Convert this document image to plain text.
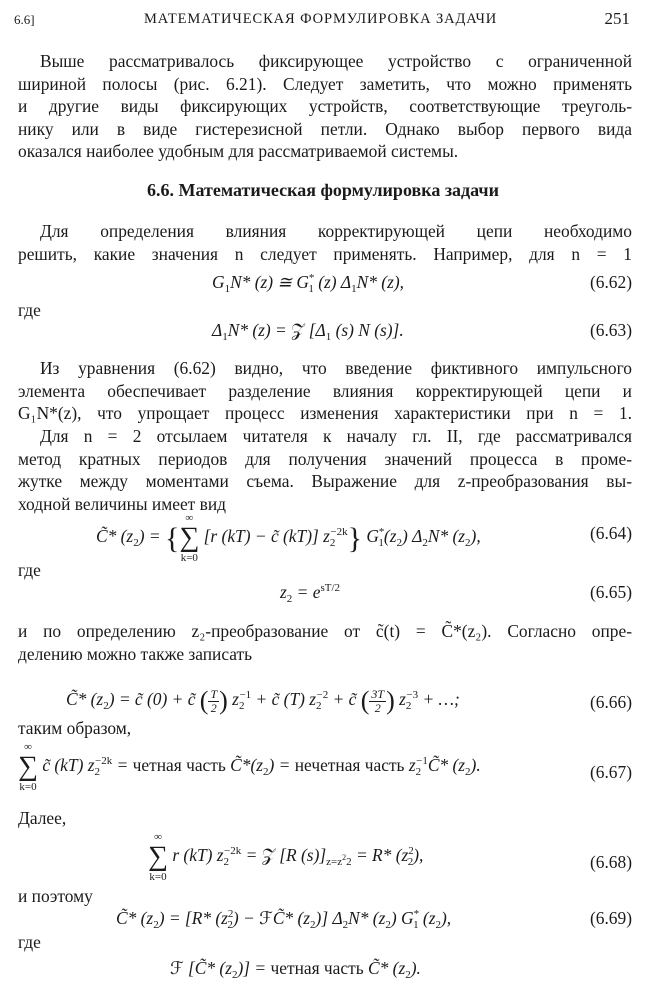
6.6]	МАТЕМАТИЧЕСКАЯ ФОРМУЛИРОВКА ЗАДАЧИ	251
Выше рассматривалось фиксирующее устройство с ограниченной
шириной полосы (рис. 6.21). Следует заметить, что можно применять
и другие виды фиксирующих устройств, соответствующие треуголь-
нику или в виде гистерезисной петли. Однако выбор первого вида
оказался наиболее удобным для рассматриваемой системы.
6.6. Математическая формулировка задачи
Для определения влияния корректирующей цепи необходимо
решить, какие значения n следует применять. Например, для n = 1
$G_1N*$ (z) ≅ $G^*_1$ (z) $\Delta_1N*$ (z),	(6.62)
где
$\Delta_1N*$ (z) = 𝒵 [$\Delta_1$ (s) N (s)].	(6.63)
Из уравнения (6.62) видно, что введение фиктивного импульсного
элемента обеспечивает разделение влияния корректирующей цепи и
G₁N*(z), что упрощает процесс изменения характеристики при n = 1.
Для n = 2 отсылаем читателя к началу гл. II, где рассматривался
метод кратных периодов для получения значений процесса в проме-
жутке между моментами съема. Выражение для z-преобразования вы-
ходной величины имеет вид
C̃* $(z_2)$ = {
∞
∑
k=0
[r (kT) − c̃ (kT)] $z_2^{-2k}$} $G^*_1(z_2)$ $\Delta_2N*$ $(z_2)$,	(6.64)
где
$z_2 = e^{sT/2}$	(6.65)
и по определению z₂-преобразование от c̃(t) = C̃*(z₂). Согласно опре-
делению можно также записать
C̃* $(z_2)$ = c̃ (0) + c̃ ( $\frac{T}{2}$ ) $z_2^{-1}$ + c̃ (T) $z_2^{-2}$ + c̃ ( $\frac{3T}{2}$ ) $z_2^{-3}$ + …;	(6.66)
таким образом,
∞
∑
k=0
c̃ (kT) $z_2^{-2k}$ = четная часть $C̃*(z_2)$ = нечетная часть $z_2^{-1}C̃*$ $(z_2)$.	(6.67)
Далее,
∞
∑
k=0
r (kT) $z_2^{-2k}$ = 𝒵 [R $(s)]_{z=z^22} = R*$ $(z^2_2)$,	(6.68)
и поэтому
C̃* $(z_2) = [R*$ $(z^2_2)$ − ℱC̃* $(z_2)$] $\Delta_2N*$ $(z_2)$ $G^*_1$ $(z_2)$,	(6.69)
где
ℱ [C̃* $(z_2)$] = четная часть C̃* $(z_2)$.
